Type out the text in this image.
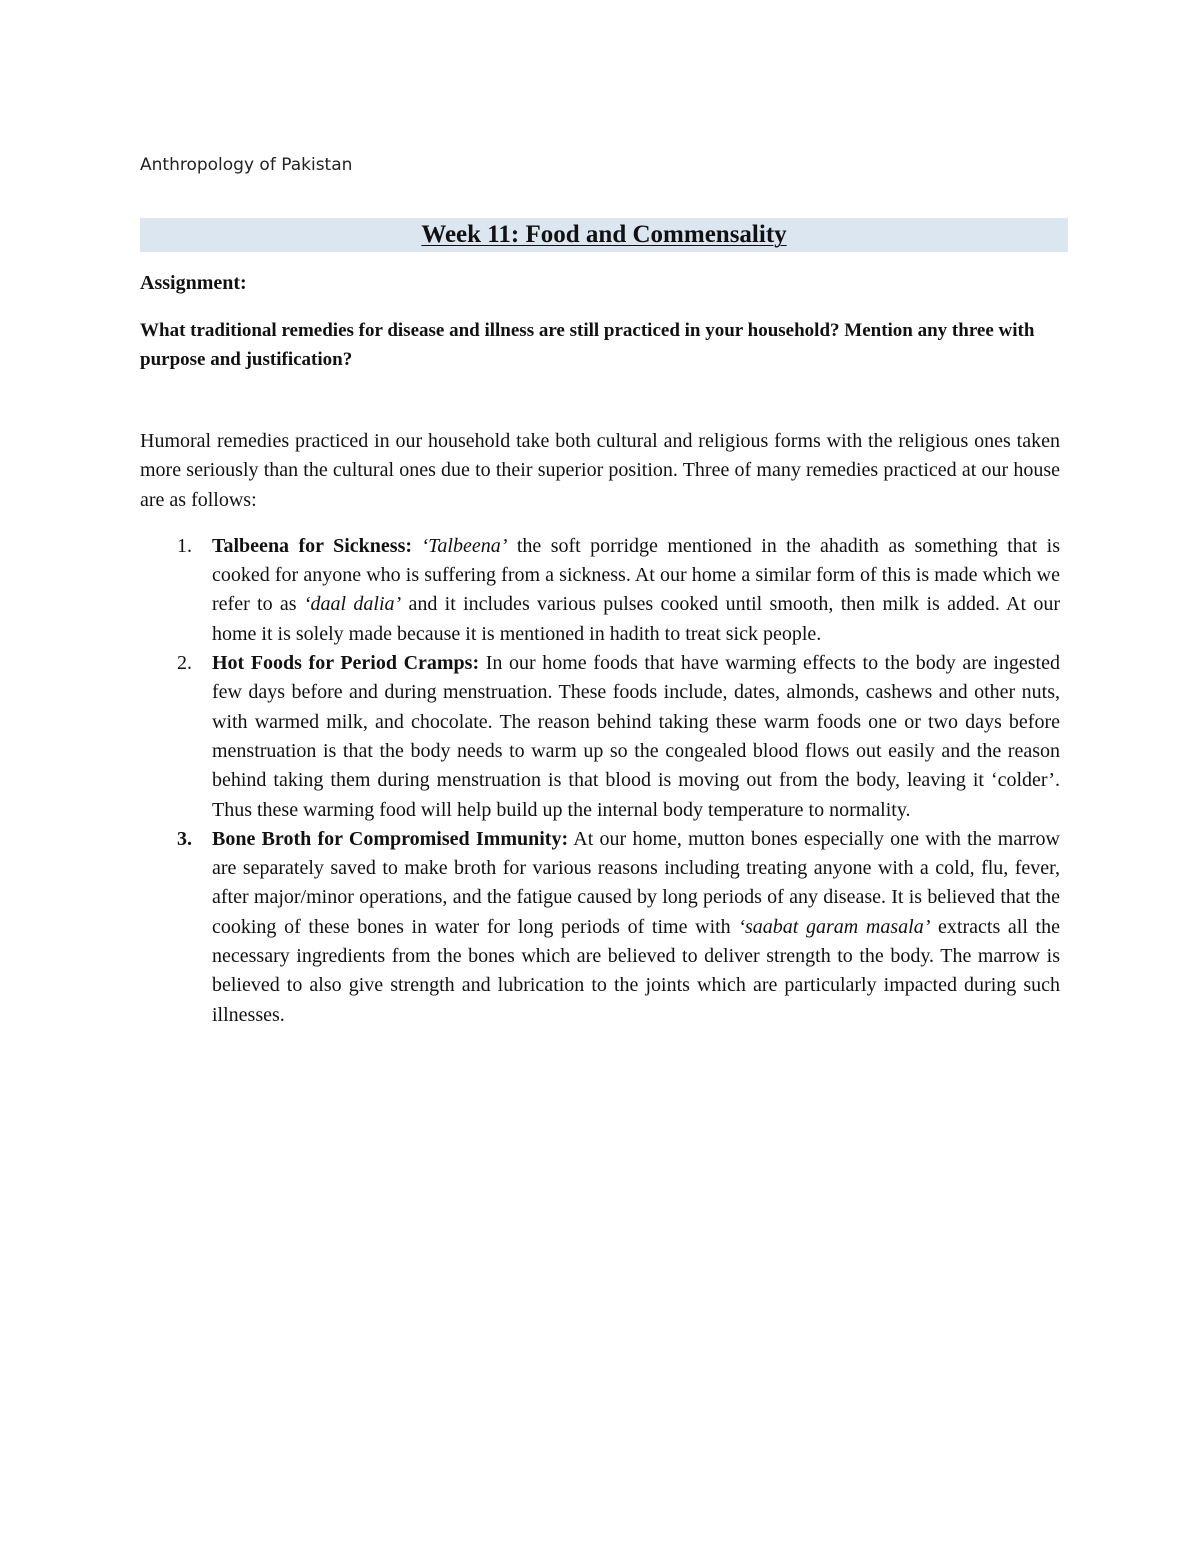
Anthropology of Pakistan

Week 11: Food and Commensality

Assignment:

What traditional remedies for disease and illness are still practiced in your household? Mention any three with purpose and justification?

Humoral remedies practiced in our household take both cultural and religious forms with the religious ones taken more seriously than the cultural ones due to their superior position. Three of many remedies practiced at our house are as follows:

1. Talbeena for Sickness: ‘Talbeena’ the soft porridge mentioned in the ahadith as something that is cooked for anyone who is suffering from a sickness. At our home a similar form of this is made which we refer to as ‘daal dalia’ and it includes various pulses cooked until smooth, then milk is added. At our home it is solely made because it is mentioned in hadith to treat sick people.
2. Hot Foods for Period Cramps: In our home foods that have warming effects to the body are ingested few days before and during menstruation. These foods include, dates, almonds, cashews and other nuts, with warmed milk, and chocolate. The reason behind taking these warm foods one or two days before menstruation is that the body needs to warm up so the congealed blood flows out easily and the reason behind taking them during menstruation is that blood is moving out from the body, leaving it ‘colder’. Thus these warming food will help build up the internal body temperature to normality.
3. Bone Broth for Compromised Immunity: At our home, mutton bones especially one with the marrow are separately saved to make broth for various reasons including treating anyone with a cold, flu, fever, after major/minor operations, and the fatigue caused by long periods of any disease. It is believed that the cooking of these bones in water for long periods of time with ‘saabat garam masala’ extracts all the necessary ingredients from the bones which are believed to deliver strength to the body. The marrow is believed to also give strength and lubrication to the joints which are particularly impacted during such illnesses.
